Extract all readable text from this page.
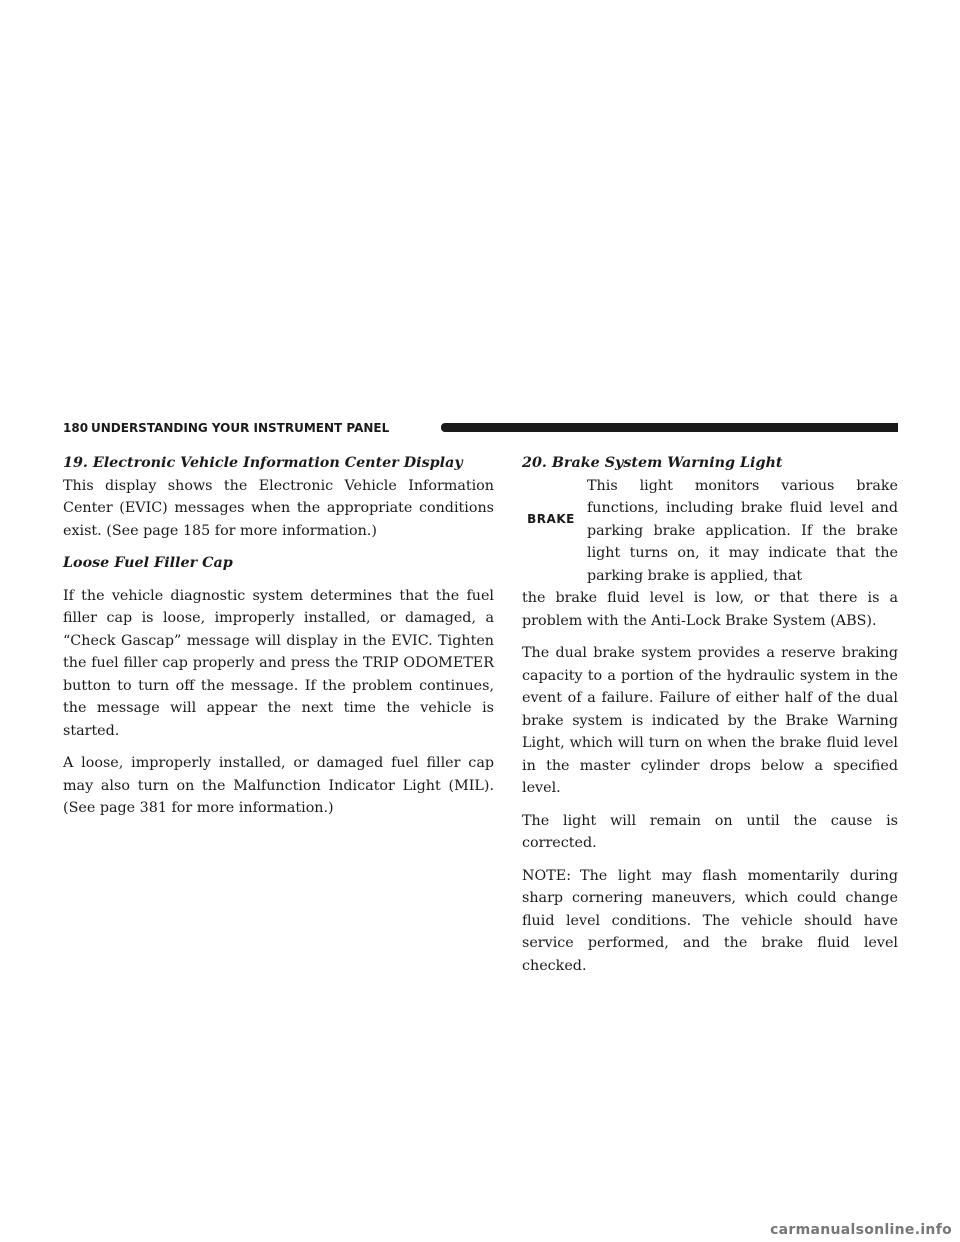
180 UNDERSTANDING YOUR INSTRUMENT PANEL
19. Electronic Vehicle Information Center Display

This display shows the Electronic Vehicle Information Center (EVIC) messages when the appropriate conditions exist. (See page 185 for more information.)

Loose Fuel Filler Cap

If the vehicle diagnostic system determines that the fuel filler cap is loose, improperly installed, or damaged, a “Check Gascap” message will display in the EVIC. Tighten the fuel filler cap properly and press the TRIP ODOMETER button to turn off the message. If the problem continues, the message will appear the next time the vehicle is started.

A loose, improperly installed, or damaged fuel filler cap may also turn on the Malfunction Indicator Light (MIL). (See page 381 for more information.)

20. Brake System Warning Light
BRAKE
This light monitors various brake functions, including brake fluid level and parking brake application. If the brake light turns on, it may indicate that the parking brake is applied, that

the brake fluid level is low, or that there is a problem with the Anti-Lock Brake System (ABS).

The dual brake system provides a reserve braking capacity to a portion of the hydraulic system in the event of a failure. Failure of either half of the dual brake system is indicated by the Brake Warning Light, which will turn on when the brake fluid level in the master cylinder drops below a specified level.

The light will remain on until the cause is corrected.

NOTE: The light may flash momentarily during sharp cornering maneuvers, which could change fluid level conditions. The vehicle should have service performed, and the brake fluid level checked.

carmanualsonline.info
